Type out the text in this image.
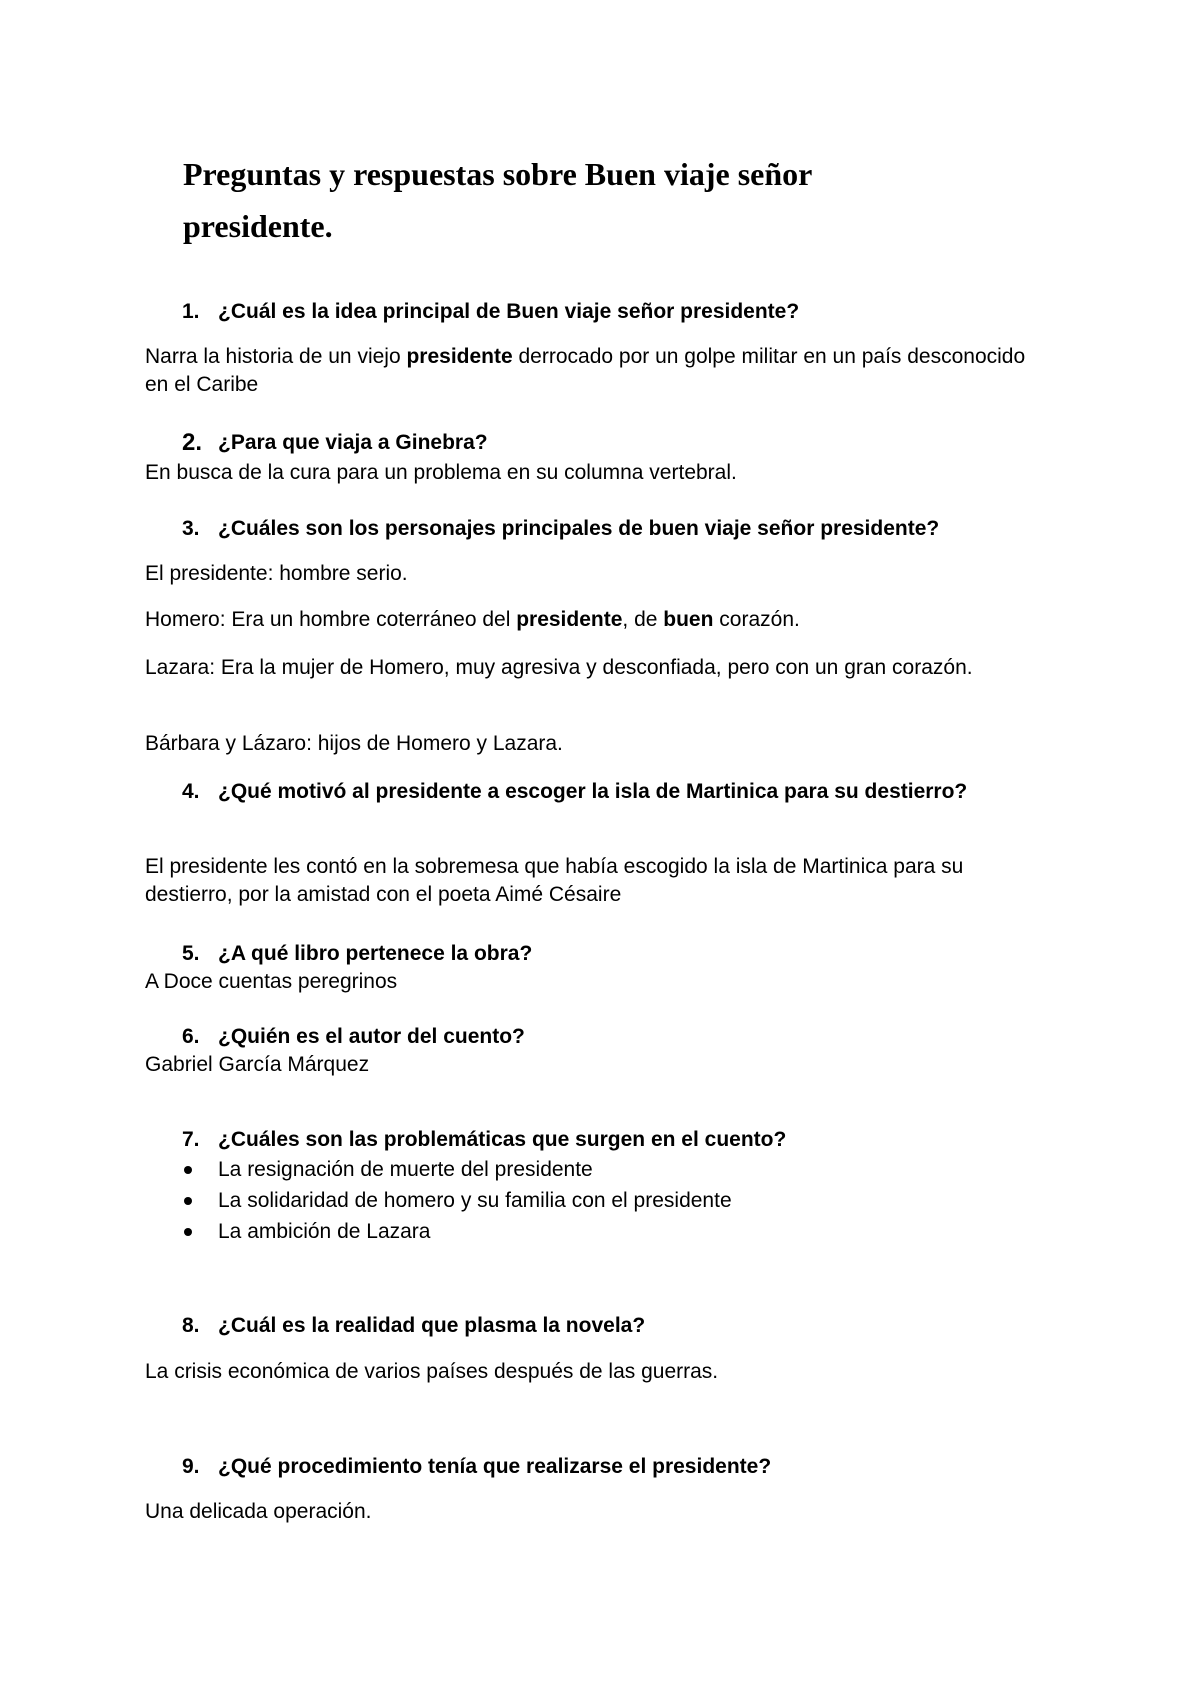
Preguntas y respuestas sobre Buen viaje señor presidente.
1. ¿Cuál es la idea principal de Buen viaje señor presidente?

Narra la historia de un viejo presidente derrocado por un golpe militar en un país desconocido en el Caribe

2. ¿Para que viaja a Ginebra?

En busca de la cura para un problema en su columna vertebral.

3. ¿Cuáles son los personajes principales de buen viaje señor presidente?

El presidente: hombre serio.

Homero: Era un hombre coterráneo del presidente, de buen corazón.

Lazara: Era la mujer de Homero, muy agresiva y desconfiada, pero con un gran corazón.

Bárbara y Lázaro: hijos de Homero y Lazara.

4. ¿Qué motivó al presidente a escoger la isla de Martinica para su destierro?

El presidente les contó en la sobremesa que había escogido la isla de Martinica para su destierro, por la amistad con el poeta Aimé Césaire

5. ¿A qué libro pertenece la obra?

A Doce cuentas peregrinos

6. ¿Quién es el autor del cuento?

Gabriel García Márquez

7. ¿Cuáles son las problemáticas que surgen en el cuento?
La resignación de muerte del presidente
La solidaridad de homero y su familia con el presidente
La ambición de Lazara
8. ¿Cuál es la realidad que plasma la novela?

La crisis económica de varios países después de las guerras.

9. ¿Qué procedimiento tenía que realizarse el presidente?

Una delicada operación.
